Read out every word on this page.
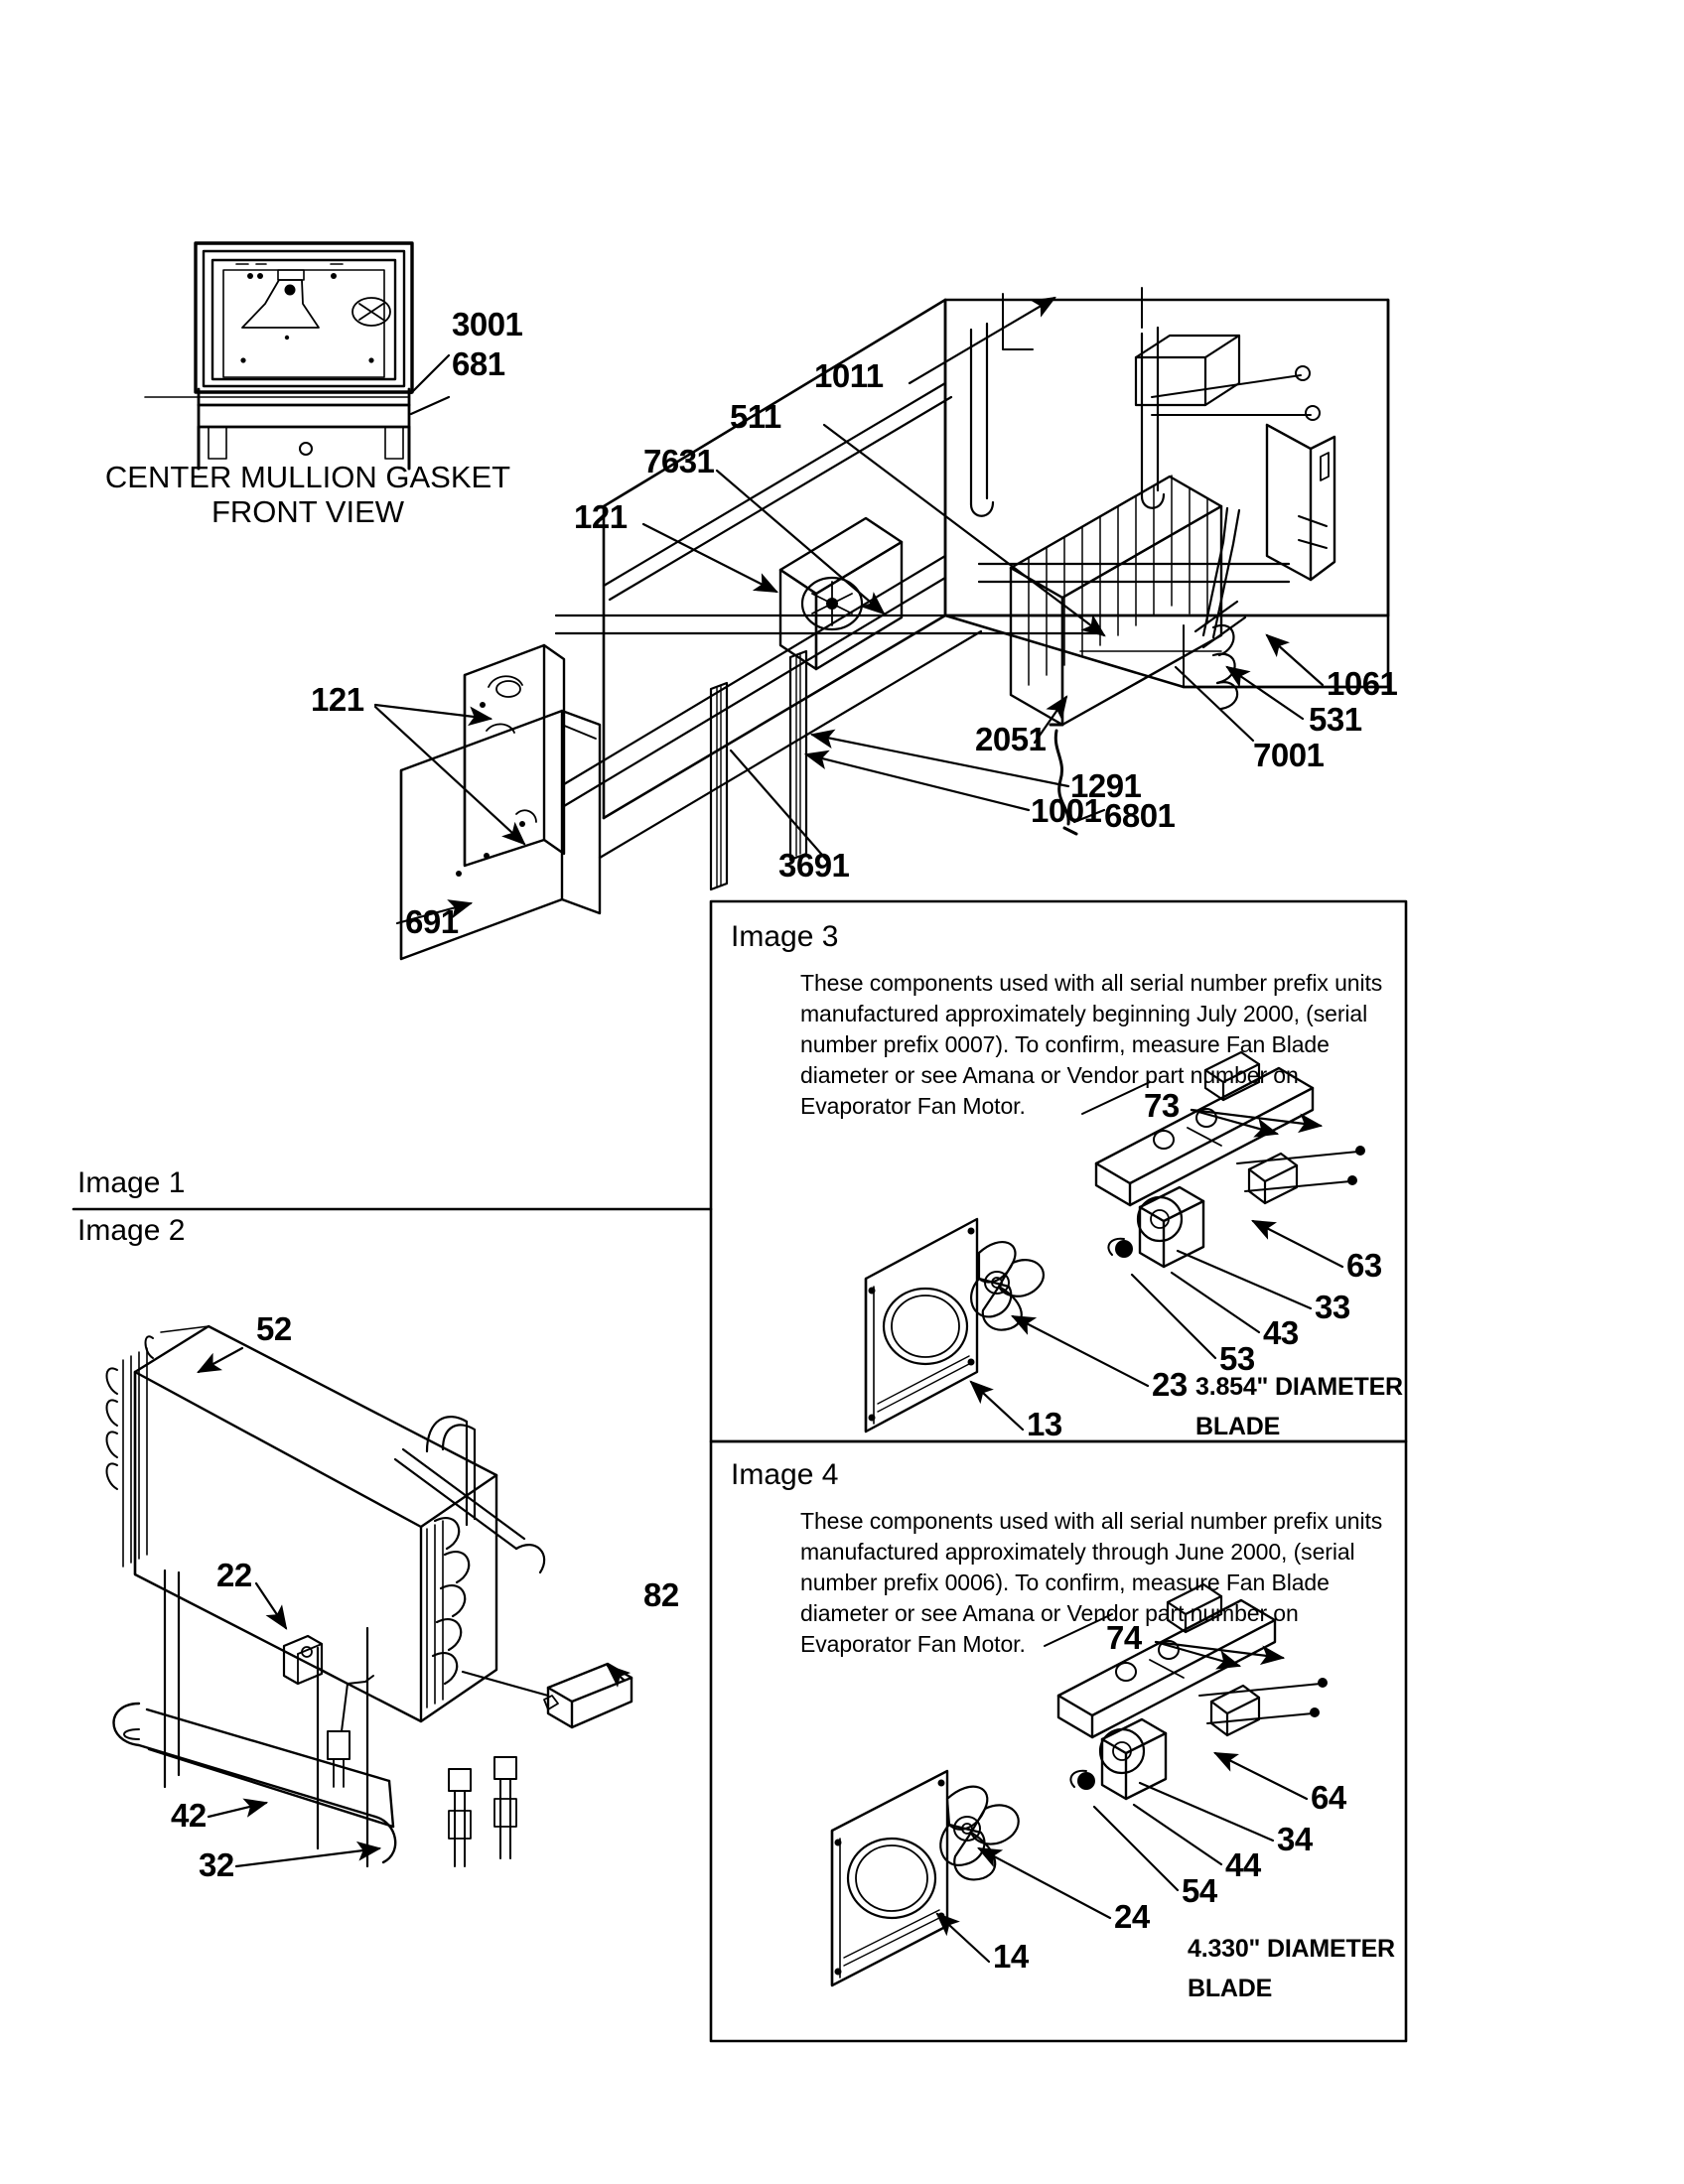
3001
681
CENTER MULLION GASKET
FRONT VIEW
1011
511
7631
121
121	1061
531
7001
2051
6801
1291
1001
3691
691
Image 1
Image 2
52
22
82
42
32
Image 3
These components used with all serial number prefix units
manufactured approximately beginning July 2000, (serial
number prefix 0007). To confirm, measure Fan Blade
diameter or see Amana or Vendor part number on
Evaporator Fan Motor.	73
63
33
43
53
23
13
3.854" DIAMETER
BLADE
Image 4
These components used with all serial number prefix units
manufactured approximately through June 2000, (serial
number prefix 0006). To confirm, measure Fan Blade
diameter or see Amana or Vendor part number on
Evaporator Fan Motor.	74
64
34
44
54
24
14	4.330" DIAMETER
BLADE
